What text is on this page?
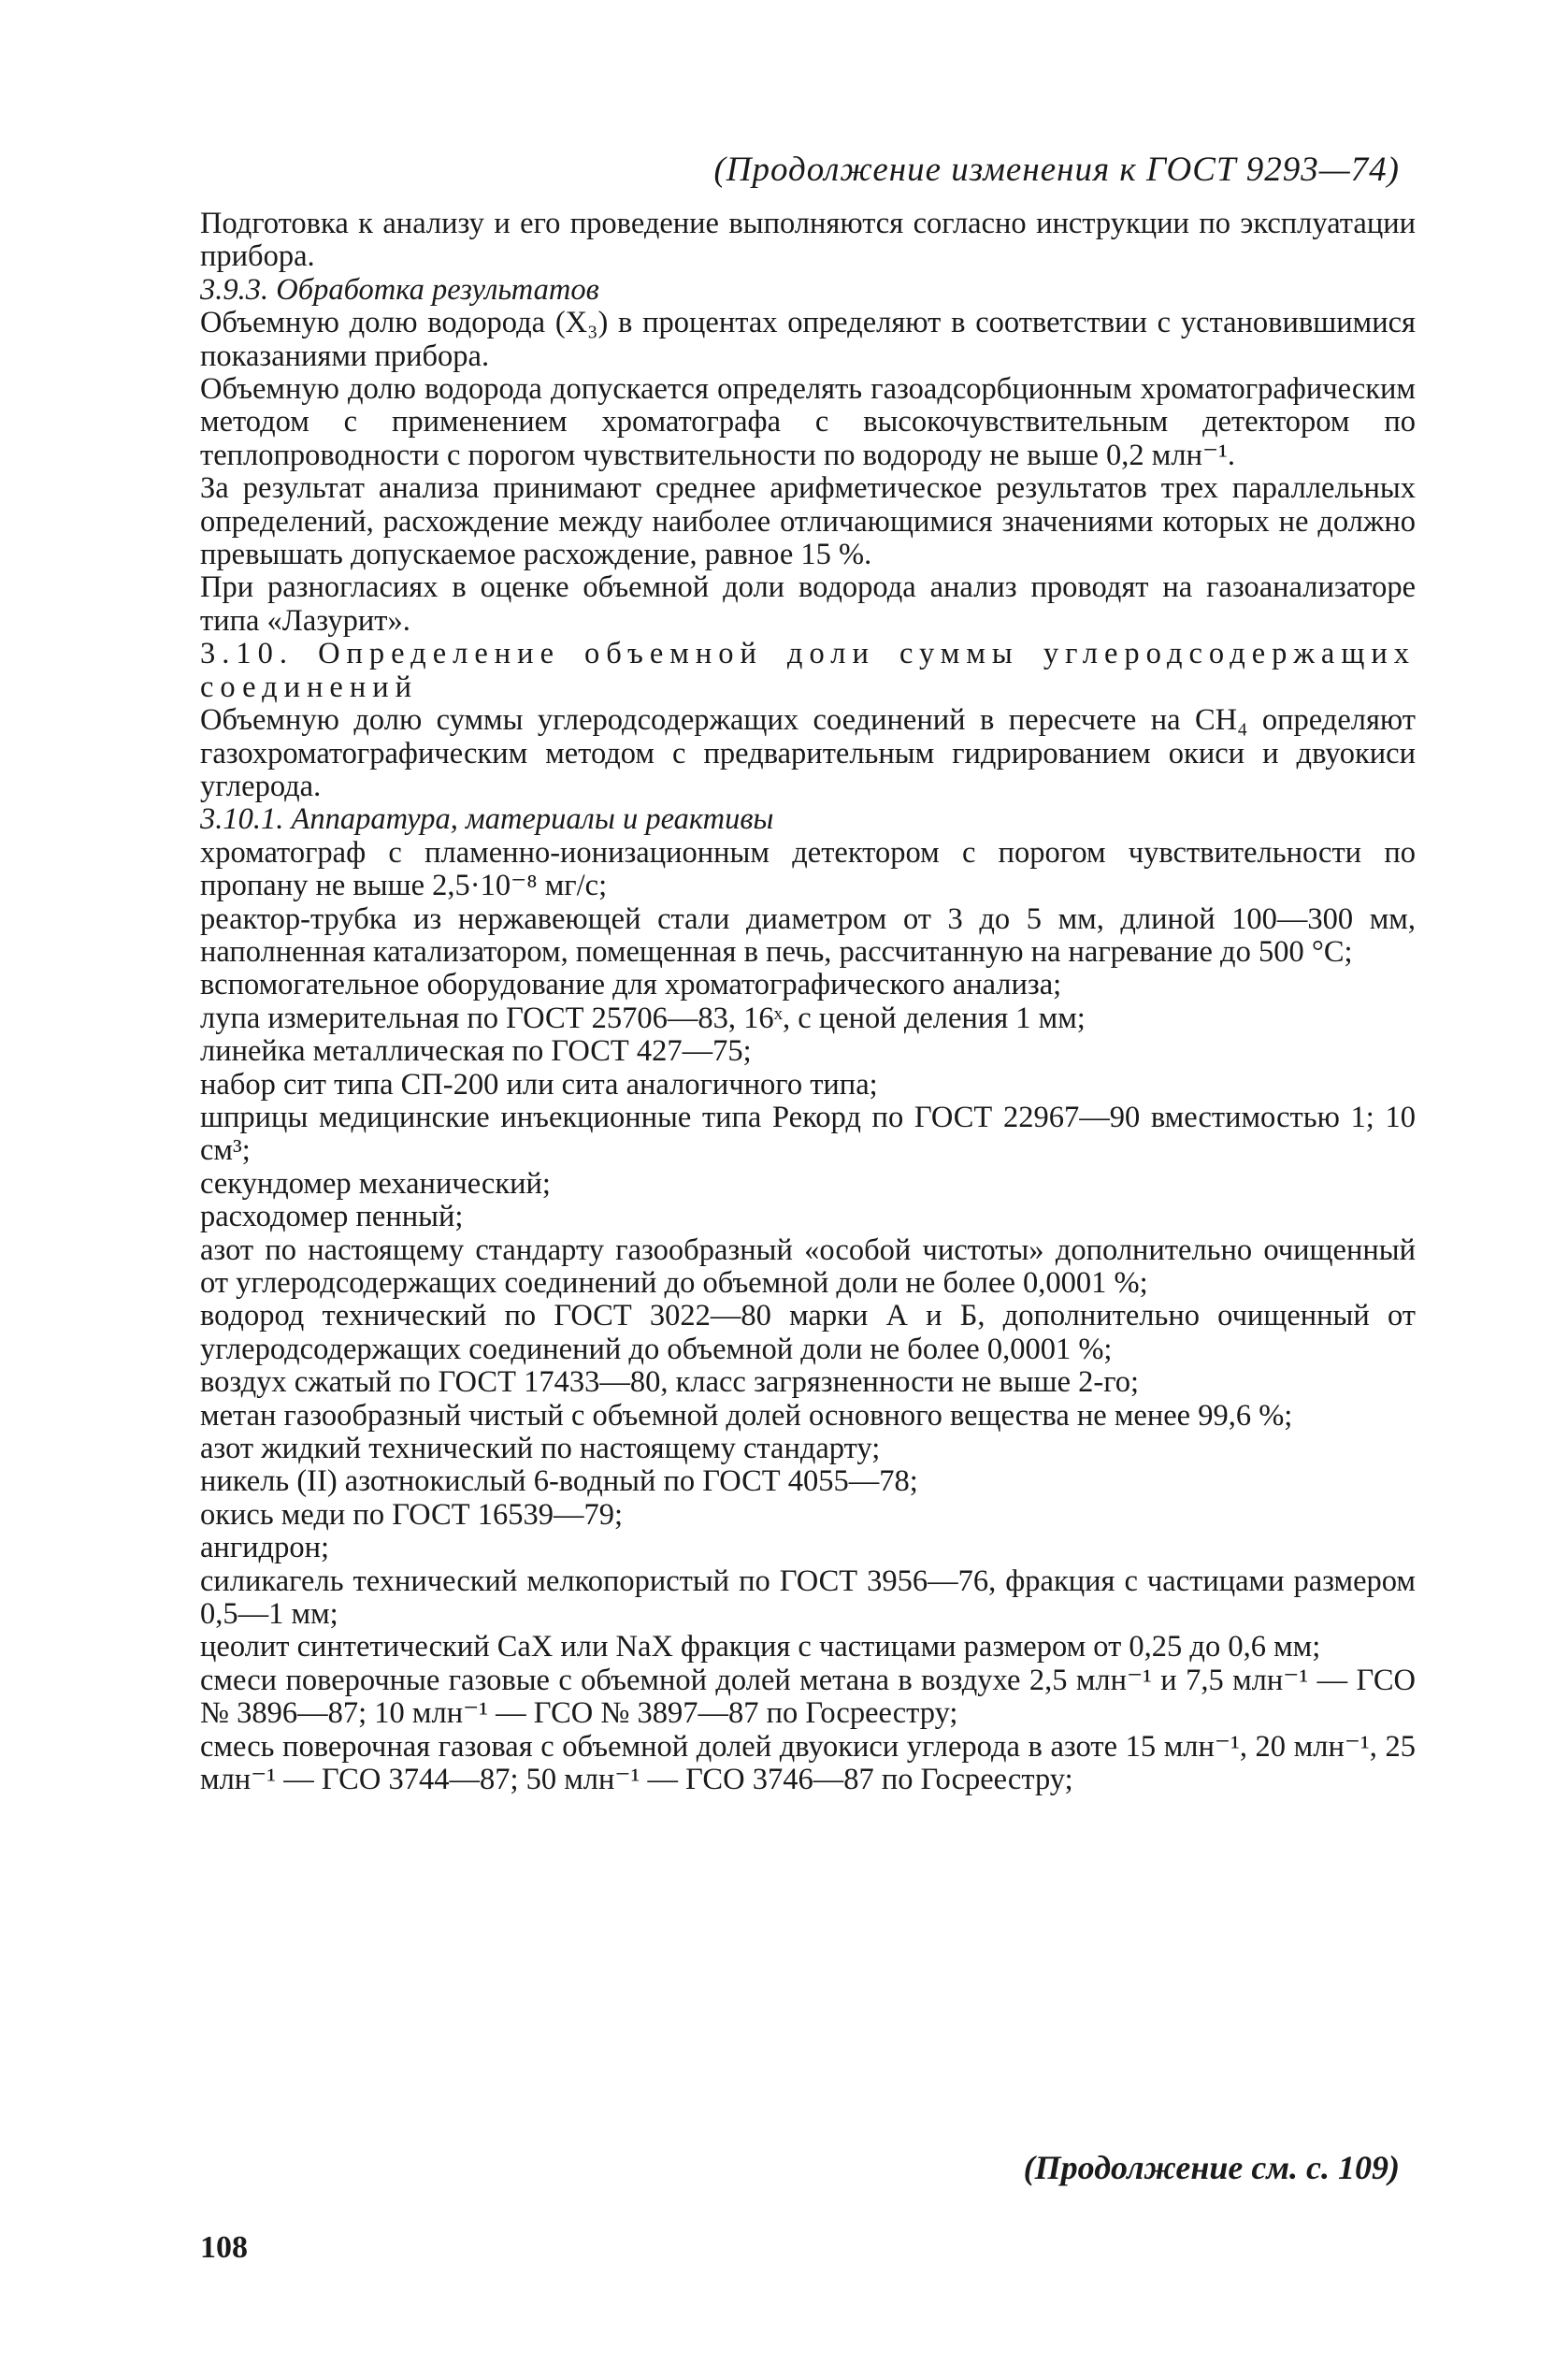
(Продолжение изменения к ГОСТ 9293—74)

Подготовка к анализу и его проведение выполняются согласно инструкции по эксплуатации прибора.

3.9.3. Обработка результатов

Объемную долю водорода (X₃) в процентах определяют в соответствии с установившимися показаниями прибора.

Объемную долю водорода допускается определять газоадсорбционным хроматографическим методом с применением хроматографа с высокочувствительным детектором по теплопроводности с порогом чувствительности по водороду не выше 0,2 млн⁻¹.

За результат анализа принимают среднее арифметическое результатов трех параллельных определений, расхождение между наиболее отличающимися значениями которых не должно превышать допускаемое расхождение, равное 15 %.

При разногласиях в оценке объемной доли водорода анализ проводят на газоанализаторе типа «Лазурит».

3.10. Определение объемной доли суммы углеродсодержащих соединений

Объемную долю суммы углеродсодержащих соединений в пересчете на CH₄ определяют газохроматографическим методом с предварительным гидрированием окиси и двуокиси углерода.

3.10.1. Аппаратура, материалы и реактивы

хроматограф с пламенно-ионизационным детектором с порогом чувствительности по пропану не выше 2,5·10⁻⁸ мг/с;

реактор-трубка из нержавеющей стали диаметром от 3 до 5 мм, длиной 100—300 мм, наполненная катализатором, помещенная в печь, рассчитанную на нагревание до 500 °C;

вспомогательное оборудование для хроматографического анализа;

лупа измерительная по ГОСТ 25706—83, 16ˣ, с ценой деления 1 мм;

линейка металлическая по ГОСТ 427—75;

набор сит типа СП-200 или сита аналогичного типа;

шприцы медицинские инъекционные типа Рекорд по ГОСТ 22967—90 вместимостью 1; 10 см³;

секундомер механический;

расходомер пенный;

азот по настоящему стандарту газообразный «особой чистоты» дополнительно очищенный от углеродсодержащих соединений до объемной доли не более 0,0001 %;

водород технический по ГОСТ 3022—80 марки А и Б, дополнительно очищенный от углеродсодержащих соединений до объемной доли не более 0,0001 %;

воздух сжатый по ГОСТ 17433—80, класс загрязненности не выше 2-го;

метан газообразный чистый с объемной долей основного вещества не менее 99,6 %;

азот жидкий технический по настоящему стандарту;

никель (II) азотнокислый 6-водный по ГОСТ 4055—78;

окись меди по ГОСТ 16539—79;

ангидрон;

силикагель технический мелкопористый по ГОСТ 3956—76, фракция с частицами размером 0,5—1 мм;

цеолит синтетический CaX или NaX фракция с частицами размером от 0,25 до 0,6 мм;

смеси поверочные газовые с объемной долей метана в воздухе 2,5 млн⁻¹ и 7,5 млн⁻¹ — ГСО № 3896—87; 10 млн⁻¹ — ГСО № 3897—87 по Госреестру;

смесь поверочная газовая с объемной долей двуокиси углерода в азоте 15 млн⁻¹, 20 млн⁻¹, 25 млн⁻¹ — ГСО 3744—87; 50 млн⁻¹ — ГСО 3746—87 по Госреестру;

(Продолжение см. с. 109)
108
